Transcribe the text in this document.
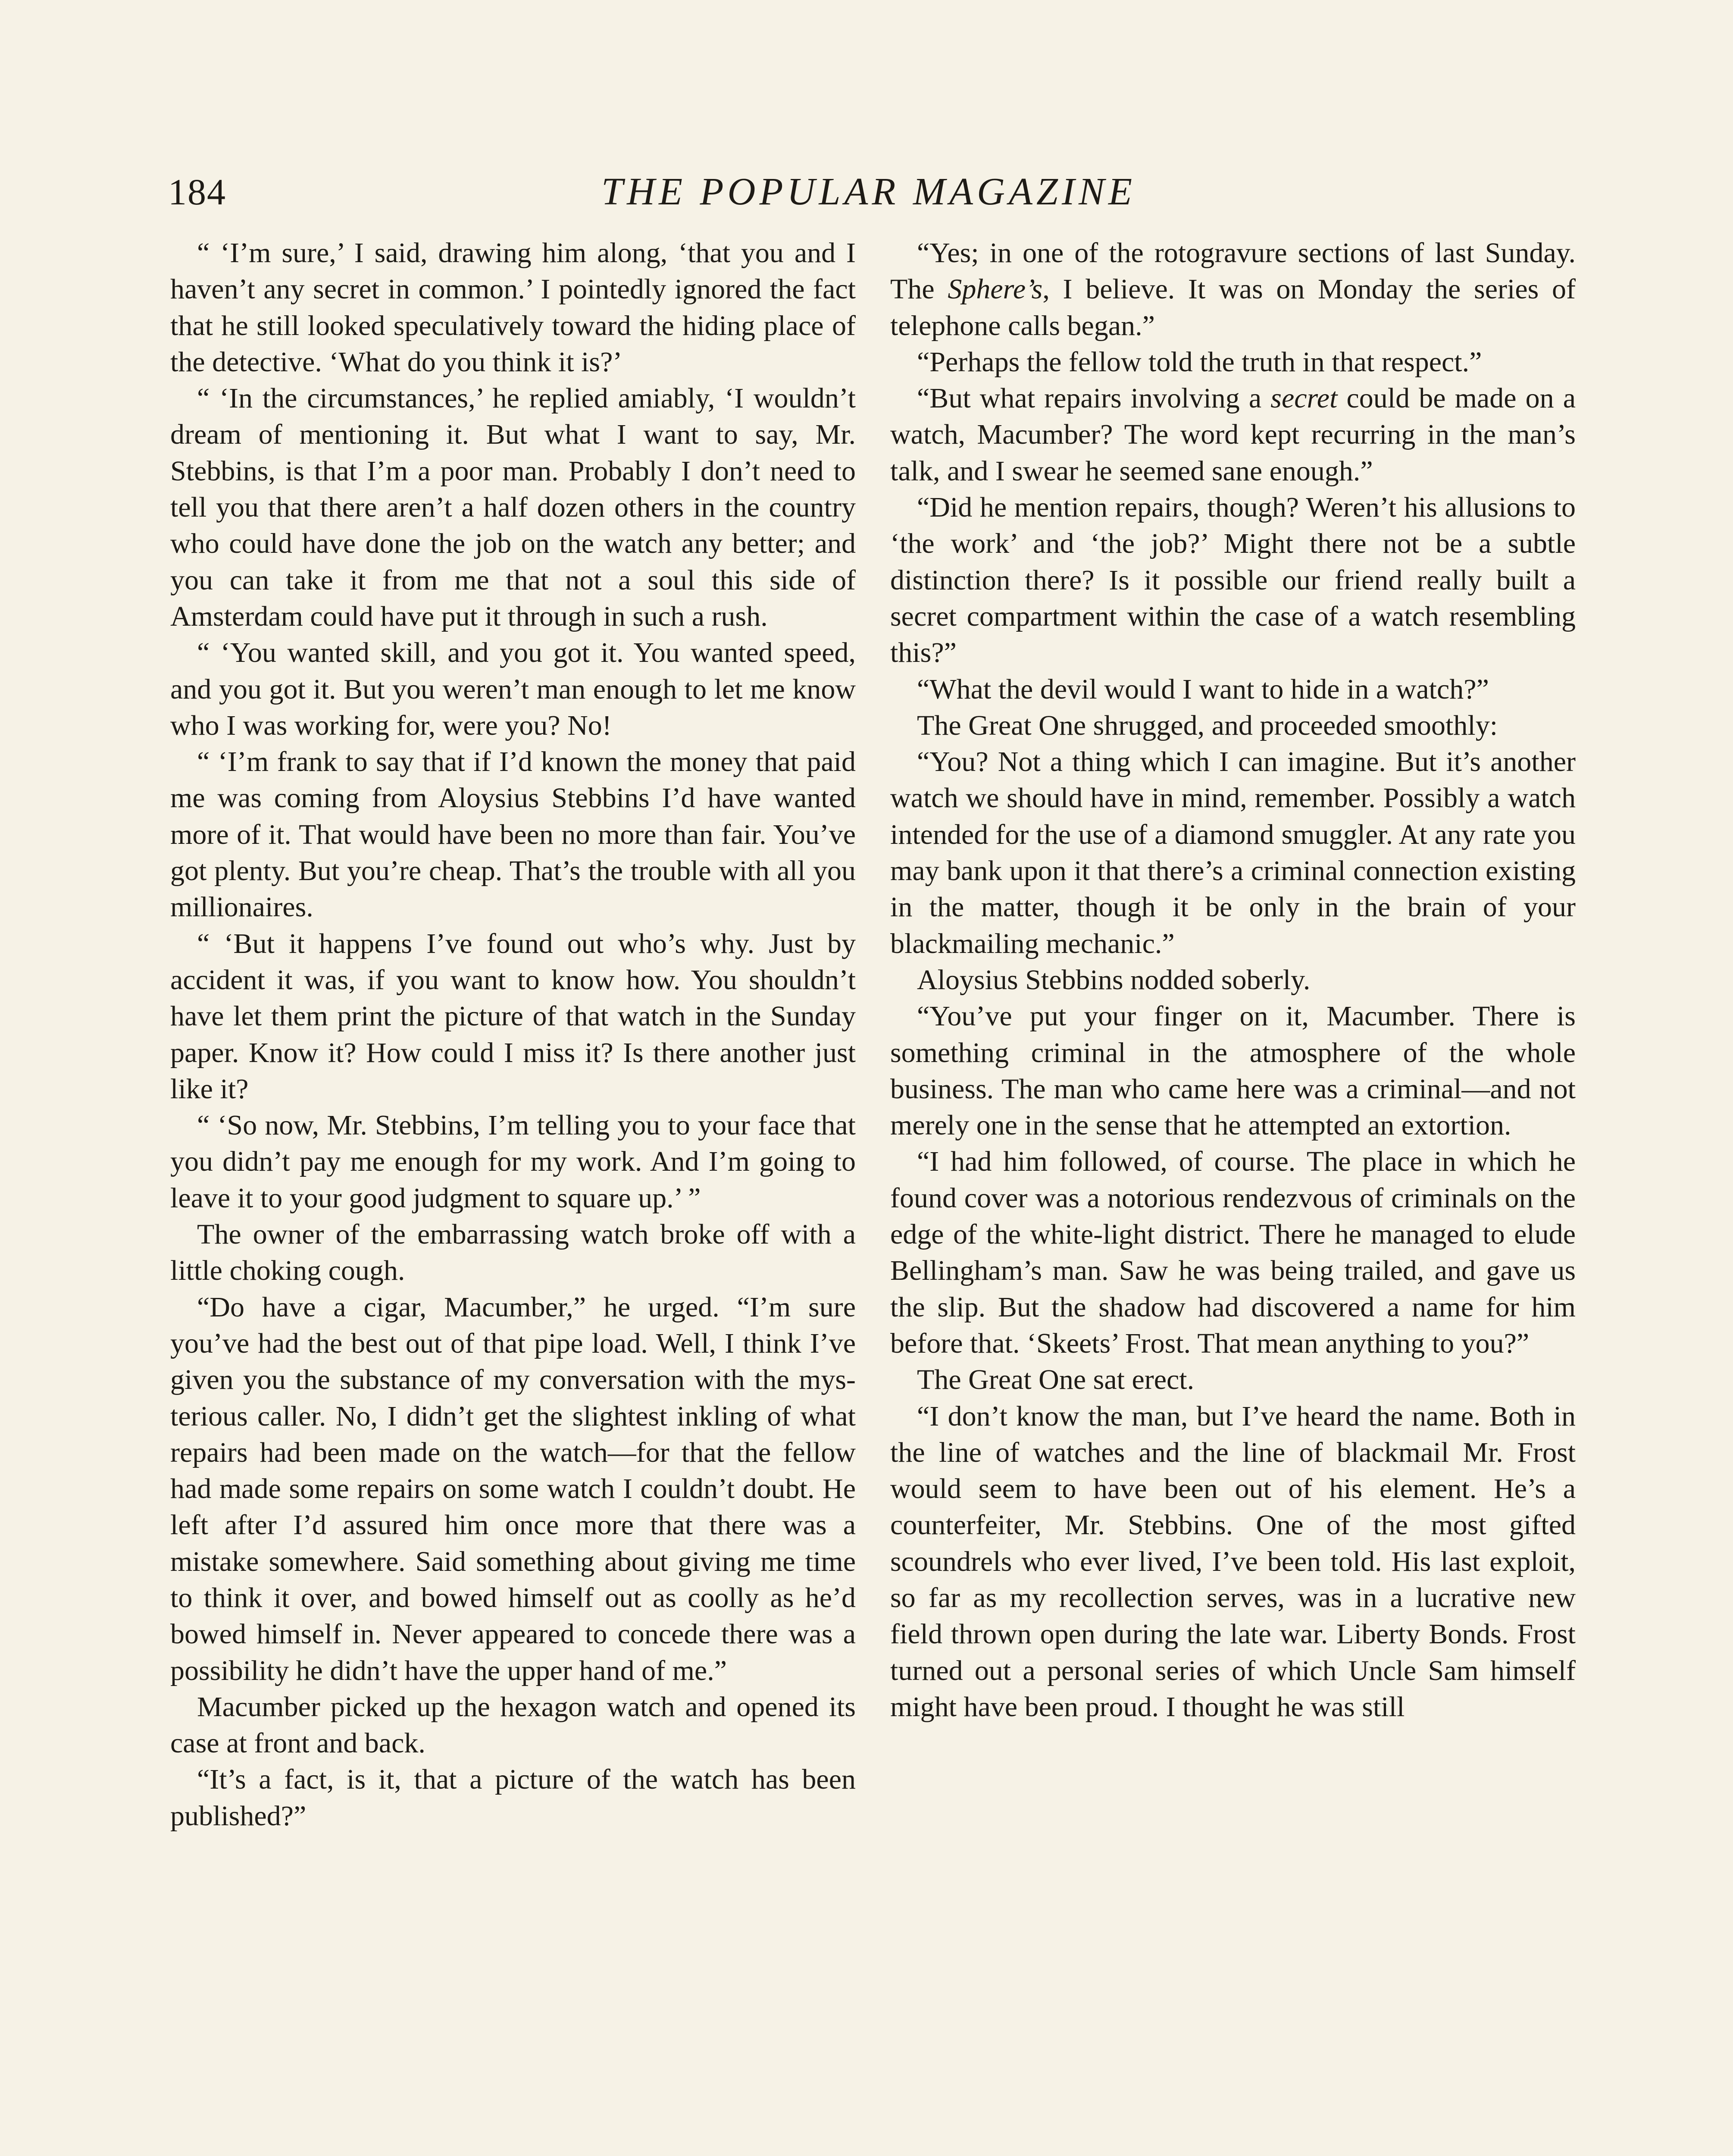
184	THE POPULAR MAGAZINE

“ ‘I’m sure,’ I said, drawing him along, ‘that you and I haven’t any secret in common.’ I pointedly ignored the fact that he still looked speculatively toward the hiding place of the detective. ‘What do you think it is?’

“ ‘In the circumstances,’ he replied amiably, ‘I wouldn’t dream of mentioning it. But what I want to say, Mr. Stebbins, is that I’m a poor man. Probably I don’t need to tell you that there aren’t a half dozen others in the country who could have done the job on the watch any better; and you can take it from me that not a soul this side of Amsterdam could have put it through in such a rush.

“ ‘You wanted skill, and you got it. You wanted speed, and you got it. But you weren’t man enough to let me know who I was working for, were you? No!

“ ‘I’m frank to say that if I’d known the money that paid me was coming from Aloysius Stebbins I’d have wanted more of it. That would have been no more than fair. You’ve got plenty. But you’re cheap. That’s the trouble with all you millionaires.

“ ‘But it happens I’ve found out who’s why. Just by accident it was, if you want to know how. You shouldn’t have let them print the picture of that watch in the Sunday paper. Know it? How could I miss it? Is there another just like it?

“ ‘So now, Mr. Stebbins, I’m telling you to your face that you didn’t pay me enough for my work. And I’m going to leave it to your good judgment to square up.’ ”

The owner of the embarrassing watch broke off with a little choking cough.

“Do have a cigar, Macumber,” he urged. “I’m sure you’ve had the best out of that pipe load. Well, I think I’ve given you the substance of my conversation with the mysterious caller. No, I didn’t get the slightest inkling of what repairs had been made on the watch—for that the fellow had made some repairs on some watch I couldn’t doubt. He left after I’d assured him once more that there was a mistake somewhere. Said something about giving me time to think it over, and bowed himself out as coolly as he’d bowed himself in. Never appeared to concede there was a possibility he didn’t have the upper hand of me.”

Macumber picked up the hexagon watch and opened its case at front and back.

“It’s a fact, is it, that a picture of the watch has been published?”

“Yes; in one of the rotogravure sections of last Sunday. The Sphere’s, I believe. It was on Monday the series of telephone calls began.”

“Perhaps the fellow told the truth in that respect.”

“But what repairs involving a secret could be made on a watch, Macumber? The word kept recurring in the man’s talk, and I swear he seemed sane enough.”

“Did he mention repairs, though? Weren’t his allusions to ‘the work’ and ‘the job?’ Might there not be a subtle distinction there? Is it possible our friend really built a secret compartment within the case of a watch resembling this?”

“What the devil would I want to hide in a watch?”

The Great One shrugged, and proceeded smoothly:

“You? Not a thing which I can imagine. But it’s another watch we should have in mind, remember. Possibly a watch intended for the use of a diamond smuggler. At any rate you may bank upon it that there’s a criminal connection existing in the matter, though it be only in the brain of your blackmailing mechanic.”

Aloysius Stebbins nodded soberly.

“You’ve put your finger on it, Macumber. There is something criminal in the atmosphere of the whole business. The man who came here was a criminal—and not merely one in the sense that he attempted an extortion.

“I had him followed, of course. The place in which he found cover was a notorious rendezvous of criminals on the edge of the white-light district. There he managed to elude Bellingham’s man. Saw he was being trailed, and gave us the slip. But the shadow had discovered a name for him before that. ‘Skeets’ Frost. That mean anything to you?”

The Great One sat erect.

“I don’t know the man, but I’ve heard the name. Both in the line of watches and the line of blackmail Mr. Frost would seem to have been out of his element. He’s a counterfeiter, Mr. Stebbins. One of the most gifted scoundrels who ever lived, I’ve been told. His last exploit, so far as my recollection serves, was in a lucrative new field thrown open during the late war. Liberty Bonds. Frost turned out a personal series of which Uncle Sam himself might have been proud. I thought he was still
